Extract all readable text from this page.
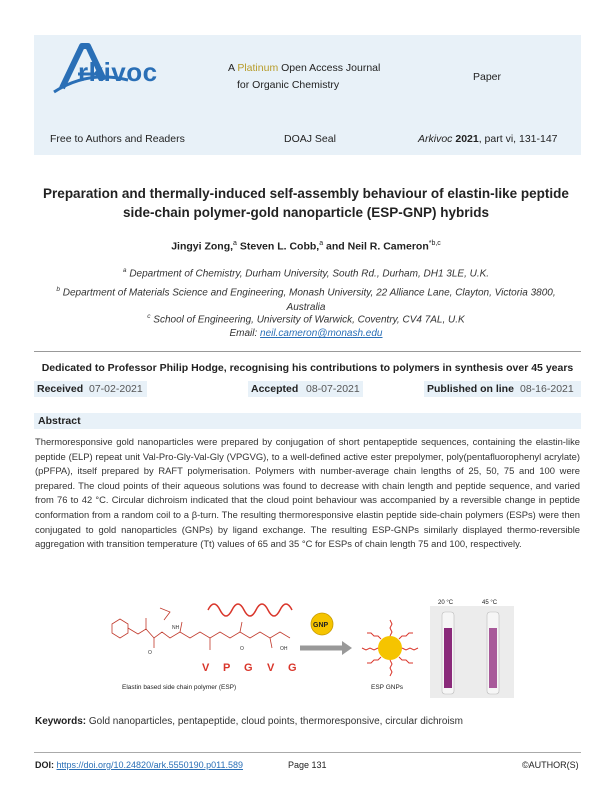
rkivoc	A Platinum Open Access Journal
for Organic Chemistry
Paper
Free to Authors and Readers	DOAJ Seal	Arkivoc 2021, part vi, 131-147
Preparation and thermally-induced self-assembly behaviour of elastin-like peptide side-chain polymer-gold nanoparticle (ESP-GNP) hybrids
Jingyi Zong,$^a$ Steven L. Cobb,$^a$ and Neil R. Cameron$^{*b,c}$
$^a$ Department of Chemistry, Durham University, South Rd., Durham, DH1 3LE, U.K.
$^b$ Department of Materials Science and Engineering, Monash University, 22 Alliance Lane, Clayton, Victoria 3800, Australia
$^c$ School of Engineering, University of Warwick, Coventry, CV4 7AL, U.K
Email: neil.cameron@monash.edu
Dedicated to Professor Philip Hodge, recognising his contributions to polymers in synthesis over 45 years
Received 07-02-2021	Accepted 08-07-2021	Published on line 08-16-2021
Abstract
Thermoresponsive gold nanoparticles were prepared by conjugation of short pentapeptide sequences, containing the elastin-like peptide (ELP) repeat unit Val-Pro-Gly-Val-Gly (VPGVG), to a well-defined active ester prepolymer, poly(pentafluorophenyl acrylate) (pPFPA), itself prepared by RAFT polymerisation. Polymers with number-average chain lengths of 25, 50, 75 and 100 were prepared. The cloud points of their aqueous solutions was found to decrease with chain length and peptide sequence, and varied from 76 to 42 °C. Circular dichroism indicated that the cloud point behaviour was accompanied by a reversible change in peptide conformation from a random coil to a β-turn. The resulting thermoresponsive elastin peptide side-chain polymers (ESPs) were then conjugated to gold nanoparticles (GNPs) by ligand exchange. The resulting ESP-GNPs similarly displayed thermo-reversible aggregation with transition temperature (Tt) values of 65 and 35 °C for ESPs of chain length 75 and 100, respectively.
NH
O
O	OH
V P G V G
Elastin based side chain polymer (ESP)
GNP
ESP GNPs
20 °C	45 °C
Keywords: Gold nanoparticles, pentapeptide, cloud points, thermoresponsive, circular dichroism
DOI: https://doi.org/10.24820/ark.5550190.p011.589	Page 131	©AUTHOR(S)
